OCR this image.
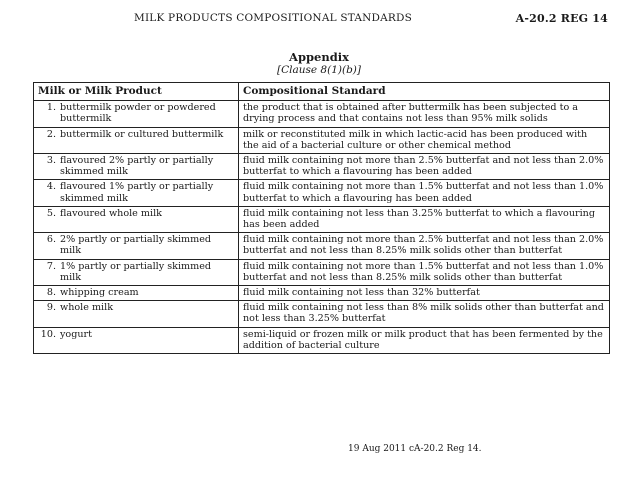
MILK PRODUCTS COMPOSITIONAL STANDARDS	A-20.2 REG 14
Appendix
[Clause 8(1)(b)]
Milk or Milk Product	Compositional Standard

1. buttermilk powder or powdered buttermilk	the product that is obtained after buttermilk has been subjected to a drying process and that contains not less than 95% milk solids

2. buttermilk or cultured buttermilk	milk or reconstituted milk in which lactic-acid has been produced with the aid of a bacterial culture or other chemical method

3. flavoured 2% partly or partially skimmed milk	fluid milk containing not more than 2.5% butterfat and not less than 2.0% butterfat to which a flavouring has been added

4. flavoured 1% partly or partially skimmed milk	fluid milk containing not more than 1.5% butterfat and not less than 1.0% butterfat to which a flavouring has been added

5. flavoured whole milk	fluid milk containing not less than 3.25% butterfat to which a flavouring has been added

6. 2% partly or partially skimmed milk	fluid milk containing not more than 2.5% butterfat and not less than 2.0% butterfat and not less than 8.25% milk solids other than butterfat

7. 1% partly or partially skimmed milk	fluid milk containing not more than 1.5% butterfat and not less than 1.0% butterfat and not less than 8.25% milk solids other than butterfat

8. whipping cream	fluid milk containing not less than 32% butterfat

9. whole milk	fluid milk containing not less than 8% milk solids other than butterfat and not less than 3.25% butterfat

10. yogurt	semi-liquid or frozen milk or milk product that has been fermented by the addition of bacterial culture
19 Aug 2011 cA-20.2 Reg 14.
